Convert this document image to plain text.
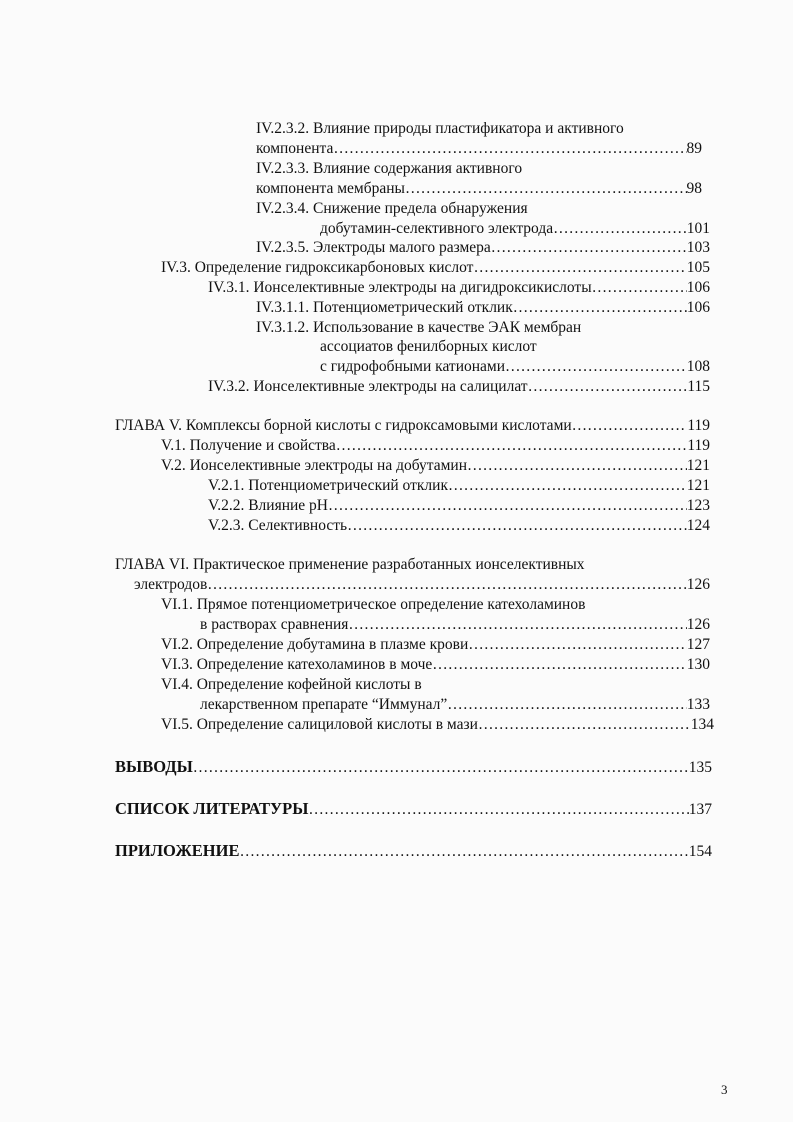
IV.2.3.2. Влияние природы пластификатора и активного
компонента …………………………………………………………………………………………………………………………………………………………………………	89
IV.2.3.3. Влияние содержания активного
компонента мембраны …………………………………………………………………………………………………………………………………………………………………………	98
IV.2.3.4. Снижение предела обнаружения
добутамин-селективного электрода …………………………………………………………………………………………………………………………………………………………………………	101
IV.2.3.5. Электроды малого размера …………………………………………………………………………………………………………………………………………………………………………	103
IV.3. Определение гидроксикарбоновых кислот …………………………………………………………………………………………………………………………………………………………………………	105
IV.3.1. Ионселективные электроды на дигидроксикислоты …………………………………………………………………………………………………………………………………………………………………………	106
IV.3.1.1. Потенциометрический отклик …………………………………………………………………………………………………………………………………………………………………………	106
IV.3.1.2. Использование в качестве ЭАК мембран
ассоциатов фенилборных кислот
с гидрофобными катионами …………………………………………………………………………………………………………………………………………………………………………	108
IV.3.2. Ионселективные электроды на салицилат …………………………………………………………………………………………………………………………………………………………………………	115
ГЛАВА V. Комплексы борной кислоты с гидроксамовыми кислотами …………………………………………………………………………………………………………………………………………………………………………	119
V.1. Получение и свойства …………………………………………………………………………………………………………………………………………………………………………	119
V.2. Ионселективные электроды на добутамин …………………………………………………………………………………………………………………………………………………………………………	121
V.2.1. Потенциометрический отклик …………………………………………………………………………………………………………………………………………………………………………	121
V.2.2. Влияние pH …………………………………………………………………………………………………………………………………………………………………………	123
V.2.3. Селективность …………………………………………………………………………………………………………………………………………………………………………	124
ГЛАВА VI. Практическое применение разработанных ионселективных
электродов …………………………………………………………………………………………………………………………………………………………………………	126
VI.1. Прямое потенциометрическое определение катехоламинов
в растворах сравнения …………………………………………………………………………………………………………………………………………………………………………	126
VI.2. Определение добутамина в плазме крови …………………………………………………………………………………………………………………………………………………………………………	127
VI.3. Определение катехоламинов в моче …………………………………………………………………………………………………………………………………………………………………………	130
VI.4. Определение кофейной кислоты в
лекарственном препарате “Иммунал” …………………………………………………………………………………………………………………………………………………………………………	133
VI.5. Определение салициловой кислоты в мази …………………………………………………………………………………………………………………………………………………………………………	134
ВЫВОДЫ …………………………………………………………………………………………………………………………………………………………………………	135
СПИСОК ЛИТЕРАТУРЫ …………………………………………………………………………………………………………………………………………………………………………	137
ПРИЛОЖЕНИЕ …………………………………………………………………………………………………………………………………………………………………………	154
3
